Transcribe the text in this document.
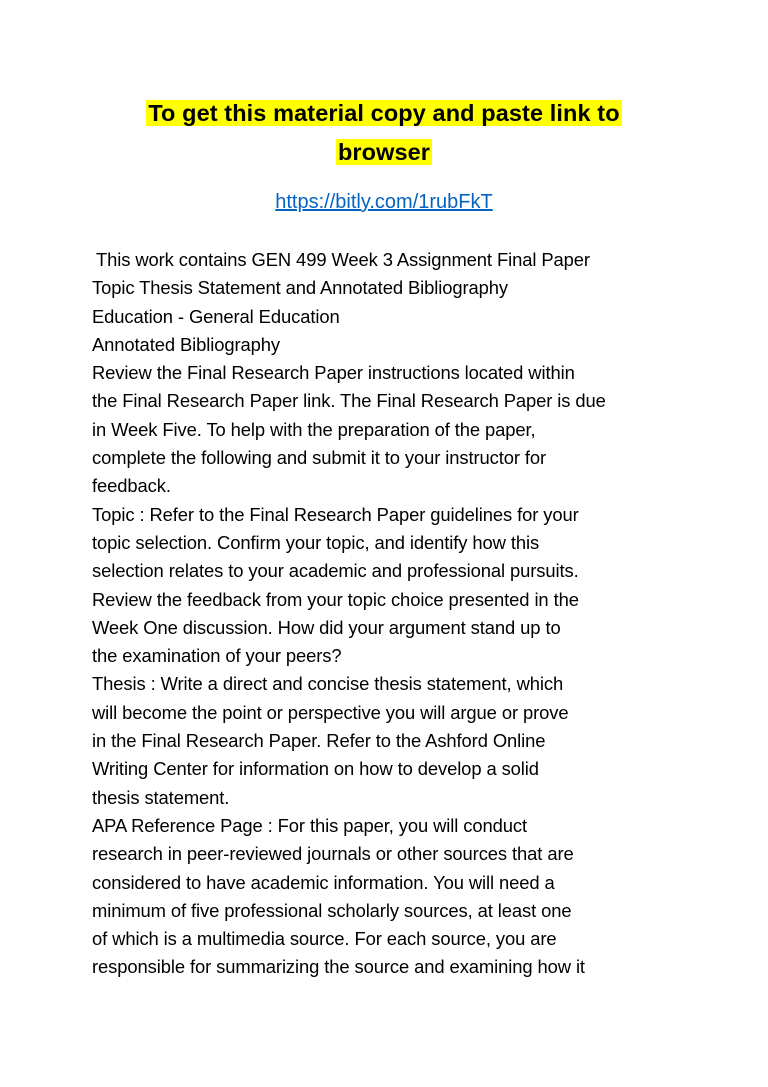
To get this material copy and paste link to
browser
https://bitly.com/1rubFkT
This work contains GEN 499 Week 3 Assignment Final Paper
Topic Thesis Statement and Annotated Bibliography
Education - General Education
Annotated Bibliography
Review the Final Research Paper instructions located within
the Final Research Paper link. The Final Research Paper is due
in Week Five. To help with the preparation of the paper,
complete the following and submit it to your instructor for
feedback.
Topic : Refer to the Final Research Paper guidelines for your
topic selection. Confirm your topic, and identify how this
selection relates to your academic and professional pursuits.
Review the feedback from your topic choice presented in the
Week One discussion. How did your argument stand up to
the examination of your peers?
Thesis : Write a direct and concise thesis statement, which
will become the point or perspective you will argue or prove
in the Final Research Paper. Refer to the Ashford Online
Writing Center for information on how to develop a solid
thesis statement.
APA Reference Page : For this paper, you will conduct
research in peer-reviewed journals or other sources that are
considered to have academic information. You will need a
minimum of five professional scholarly sources, at least one
of which is a multimedia source. For each source, you are
responsible for summarizing the source and examining how it
